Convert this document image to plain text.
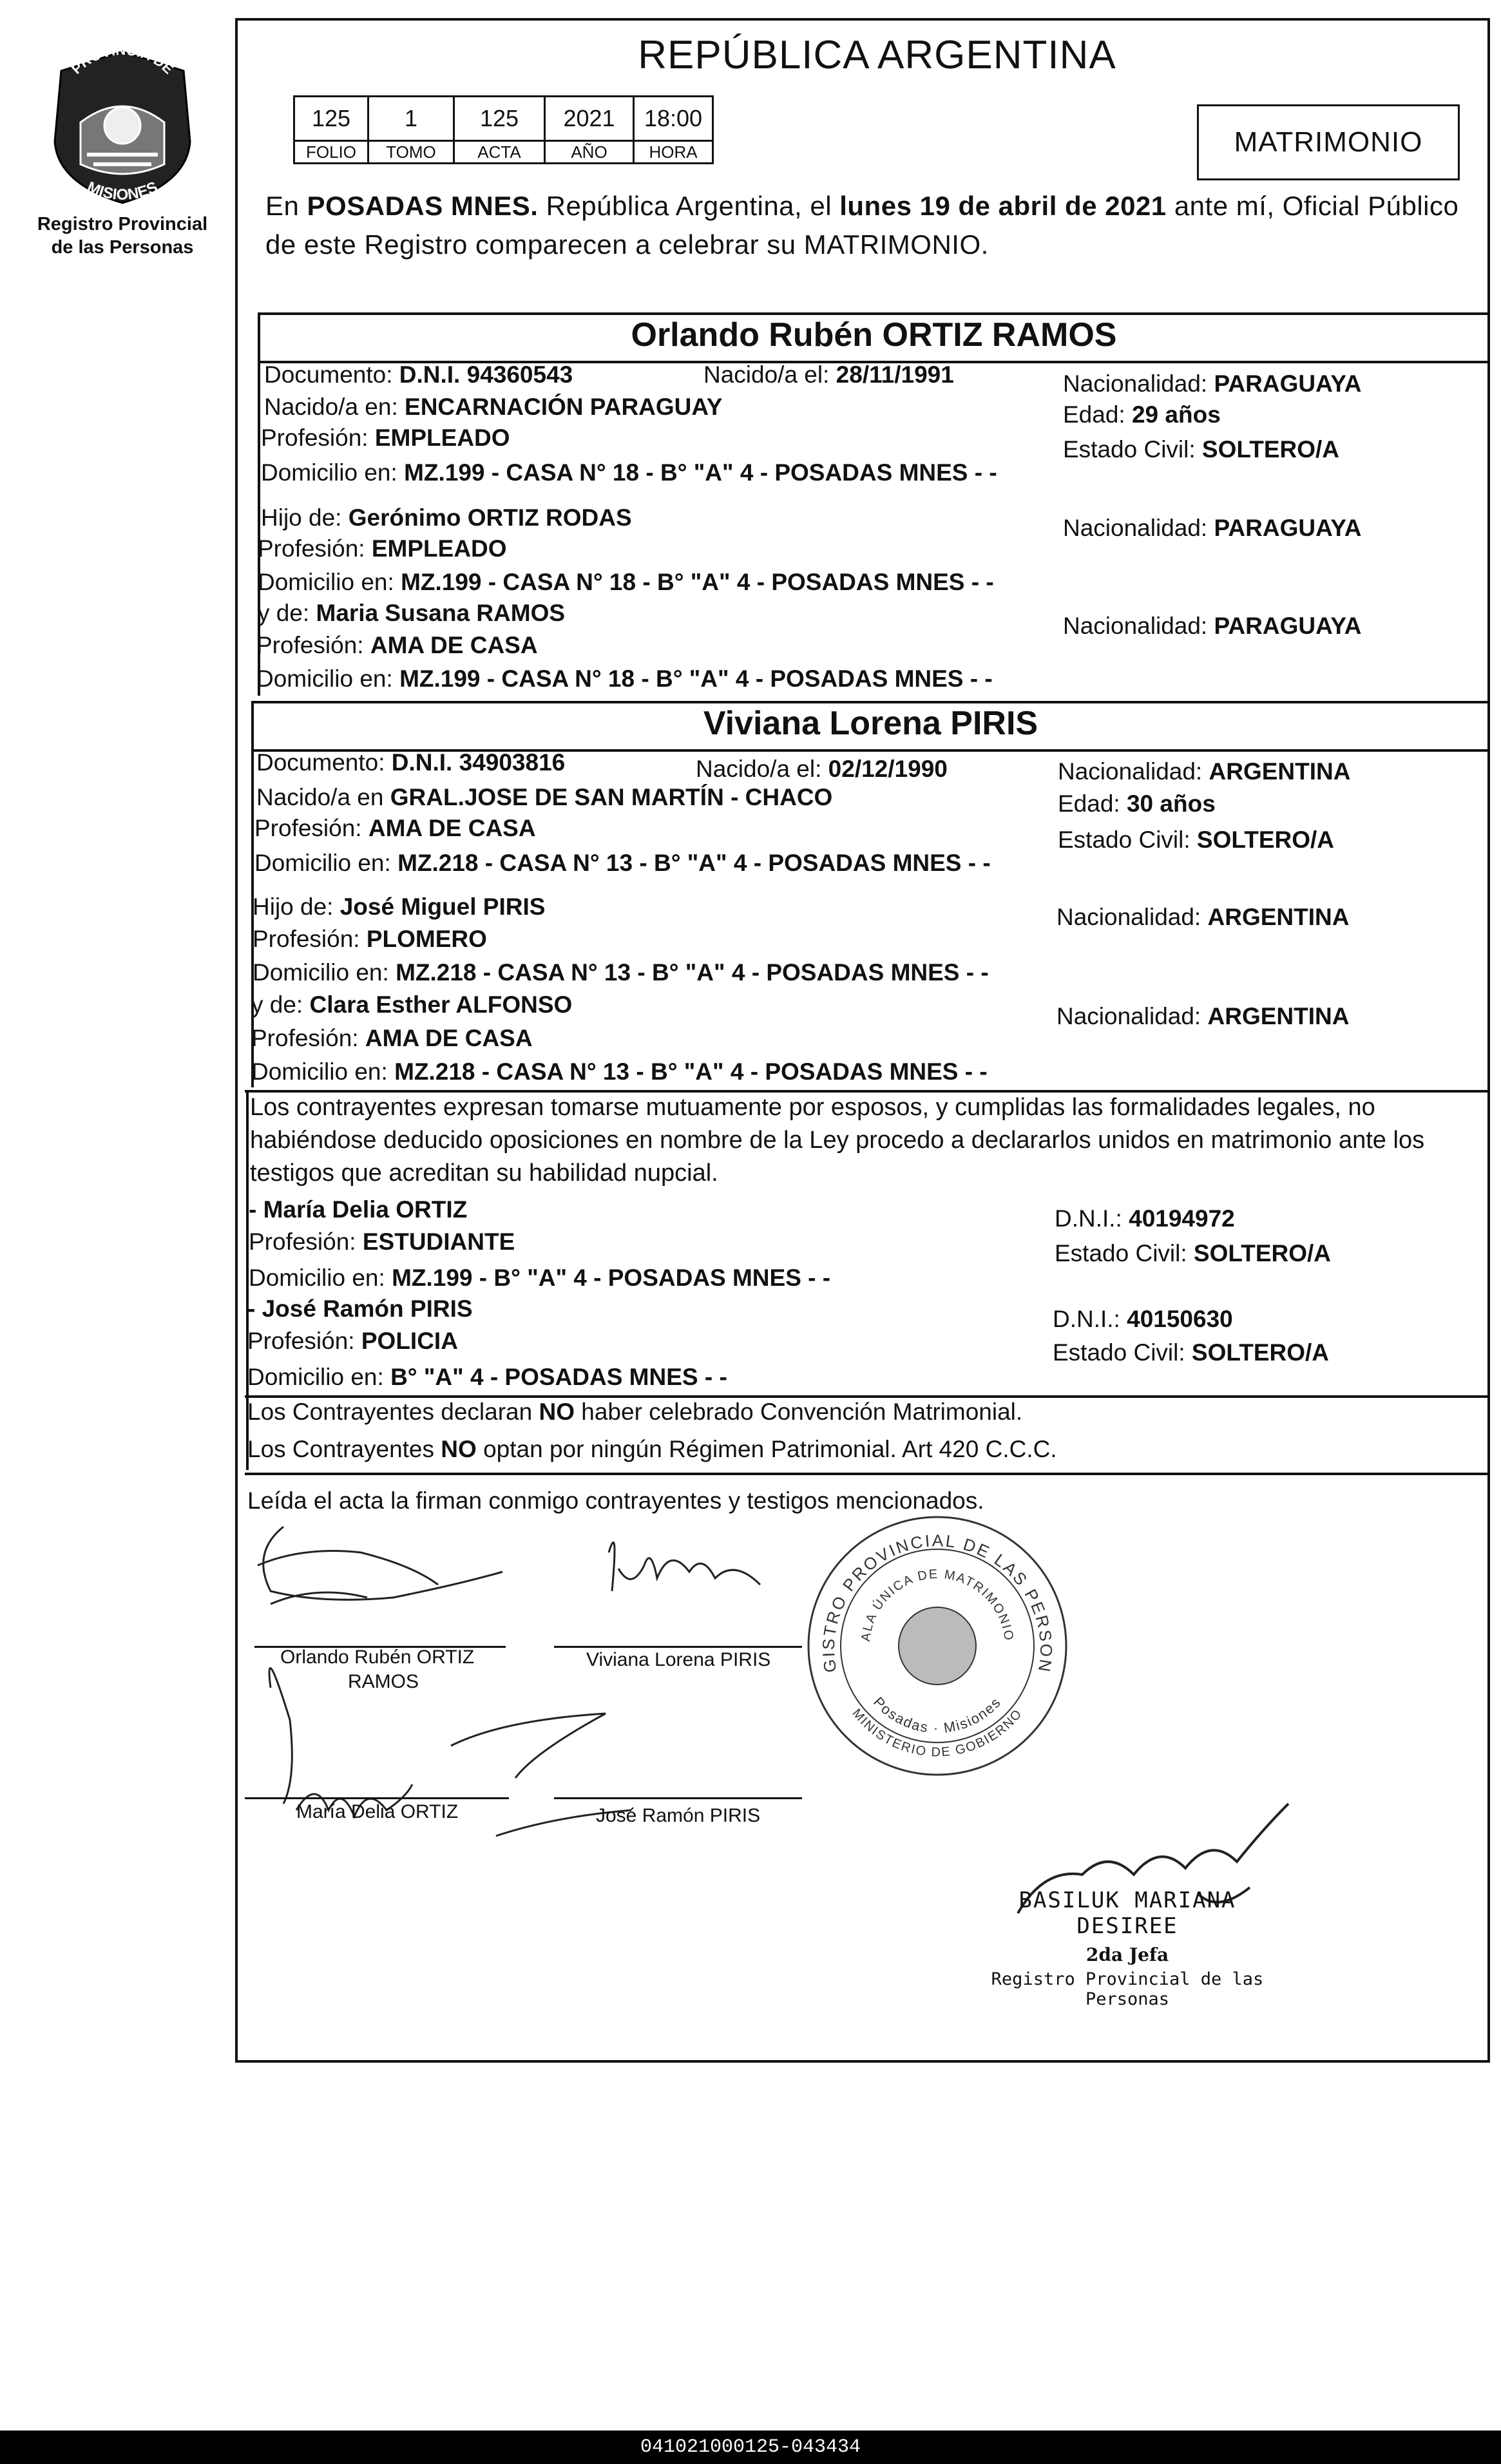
PROVINCIA DE
MISIONES
Registro Provincial
de las Personas
REPÚBLICA ARGENTINA
125	1	125	2021	18:00
FOLIO	TOMO	ACTA	AÑO	HORA	MATRIMONIO
En POSADAS MNES. República Argentina, el lunes 19 de abril de 2021 ante mí, Oficial Público de este Registro comparecen a celebrar su MATRIMONIO.
Orlando Rubén ORTIZ RAMOS
Documento: D.N.I. 94360543	Nacido/a el: 28/11/1991	Nacionalidad: PARAGUAYA
Nacido/a en: ENCARNACIÓN PARAGUAY	Edad: 29 años
Profesión: EMPLEADO	Estado Civil: SOLTERO/A
Domicilio en: MZ.199 - CASA N° 18 - B° "A" 4 - POSADAS MNES - -
Hijo de: Gerónimo ORTIZ RODAS	Nacionalidad: PARAGUAYA
Profesión: EMPLEADO
Domicilio en: MZ.199 - CASA N° 18 - B° "A" 4 - POSADAS MNES - -
y de: Maria Susana RAMOS	Nacionalidad: PARAGUAYA
Profesión: AMA DE CASA
Domicilio en: MZ.199 - CASA N° 18 - B° "A" 4 - POSADAS MNES - -
Viviana Lorena PIRIS
Documento: D.N.I. 34903816	Nacido/a el: 02/12/1990	Nacionalidad: ARGENTINA
Nacido/a en GRAL.JOSE DE SAN MARTÍN - CHACO	Edad: 30 años
Profesión: AMA DE CASA	Estado Civil: SOLTERO/A
Domicilio en: MZ.218 - CASA N° 13 - B° "A" 4 - POSADAS MNES - -
Hijo de: José Miguel PIRIS	Nacionalidad: ARGENTINA
Profesión: PLOMERO
Domicilio en: MZ.218 - CASA N° 13 - B° "A" 4 - POSADAS MNES - -
y de: Clara Esther ALFONSO	Nacionalidad: ARGENTINA
Profesión: AMA DE CASA
Domicilio en: MZ.218 - CASA N° 13 - B° "A" 4 - POSADAS MNES - -
Los contrayentes expresan tomarse mutuamente por esposos, y cumplidas las formalidades legales, no habiéndose deducido oposiciones en nombre de la Ley procedo a declararlos unidos en matrimonio ante los testigos que acreditan su habilidad nupcial.
- María Delia ORTIZ	D.N.I.: 40194972
Profesión: ESTUDIANTE	Estado Civil: SOLTERO/A
Domicilio en: MZ.199 - B° "A" 4 - POSADAS MNES - -
- José Ramón PIRIS	D.N.I.: 40150630
Profesión: POLICIA	Estado Civil: SOLTERO/A
Domicilio en: B° "A" 4 - POSADAS MNES - -
Los Contrayentes declaran NO haber celebrado Convención Matrimonial.
Los Contrayentes NO optan por ningún Régimen Patrimonial. Art 420 C.C.C.
Leída el acta la firman conmigo contrayentes y testigos mencionados.
Orlando Rubén ORTIZ
RAMOS
Viviana Lorena PIRIS
María Delia ORTIZ	José Ramón PIRIS
GISTRO PROVINCIAL DE LAS PERSON
ALA ÚNICA DE MATRIMONIO
Posadas · Misiones
MINISTERIO DE GOBIERNO
BASILUK MARIANA DESIREE
2da Jefa
Registro Provincial de las Personas
041021000125-043434
